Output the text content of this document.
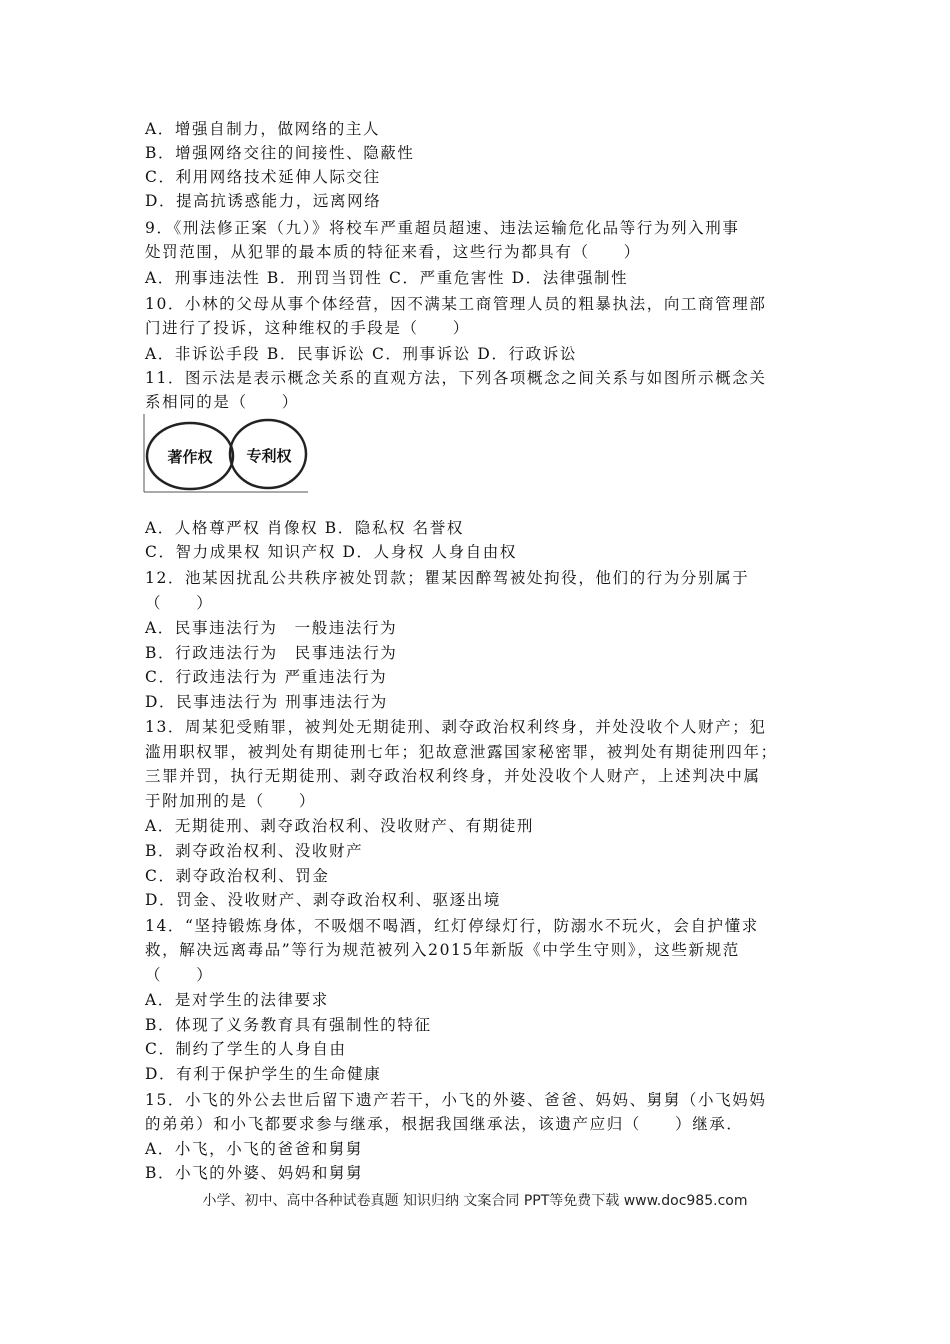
A．增强自制力，做网络的主人
B．增强网络交往的间接性、隐蔽性
C．利用网络技术延伸人际交往
D．提高抗诱惑能力，远离网络
9．《刑法修正案（九）》将校车严重超员超速、违法运输危化品等行为列入刑事
处罚范围，从犯罪的最本质的特征来看，这些行为都具有（　　）
A．刑事违法性 B．刑罚当罚性 C．严重危害性 D．法律强制性
10．小林的父母从事个体经营，因不满某工商管理人员的粗暴执法，向工商管理部
门进行了投诉，这种维权的手段是（　　）
A．非诉讼手段 B．民事诉讼 C．刑事诉讼 D．行政诉讼
11．图示法是表示概念关系的直观方法，下列各项概念之间关系与如图所示概念关
系相同的是（　　）
著作权 专利权
A．人格尊严权 肖像权 B．隐私权 名誉权
C．智力成果权 知识产权 D．人身权 人身自由权
12．池某因扰乱公共秩序被处罚款；瞿某因醉驾被处拘役，他们的行为分别属于
（　　）
A．民事违法行为　一般违法行为
B．行政违法行为　民事违法行为
C．行政违法行为 严重违法行为
D．民事违法行为 刑事违法行为
13．周某犯受贿罪，被判处无期徒刑、剥夺政治权利终身，并处没收个人财产；犯
滥用职权罪，被判处有期徒刑七年；犯故意泄露国家秘密罪，被判处有期徒刑四年；
三罪并罚，执行无期徒刑、剥夺政治权利终身，并处没收个人财产，上述判决中属
于附加刑的是（　　）
A．无期徒刑、剥夺政治权利、没收财产、有期徒刑
B．剥夺政治权利、没收财产
C．剥夺政治权利、罚金
D．罚金、没收财产、剥夺政治权利、驱逐出境
14．“坚持锻炼身体，不吸烟不喝酒，红灯停绿灯行，防溺水不玩火，会自护懂求
救，解决远离毒品”等行为规范被列入2015年新版《中学生守则》，这些新规范
（　　）
A．是对学生的法律要求
B．体现了义务教育具有强制性的特征
C．制约了学生的人身自由
D．有利于保护学生的生命健康
15．小飞的外公去世后留下遗产若干，小飞的外婆、爸爸、妈妈、舅舅（小飞妈妈
的弟弟）和小飞都要求参与继承，根据我国继承法，该遗产应归（　　）继承．
A．小飞，小飞的爸爸和舅舅
B．小飞的外婆、妈妈和舅舅
小学、初中、高中各种试卷真题 知识归纳 文案合同 PPT等免费下载 www.doc985.com
